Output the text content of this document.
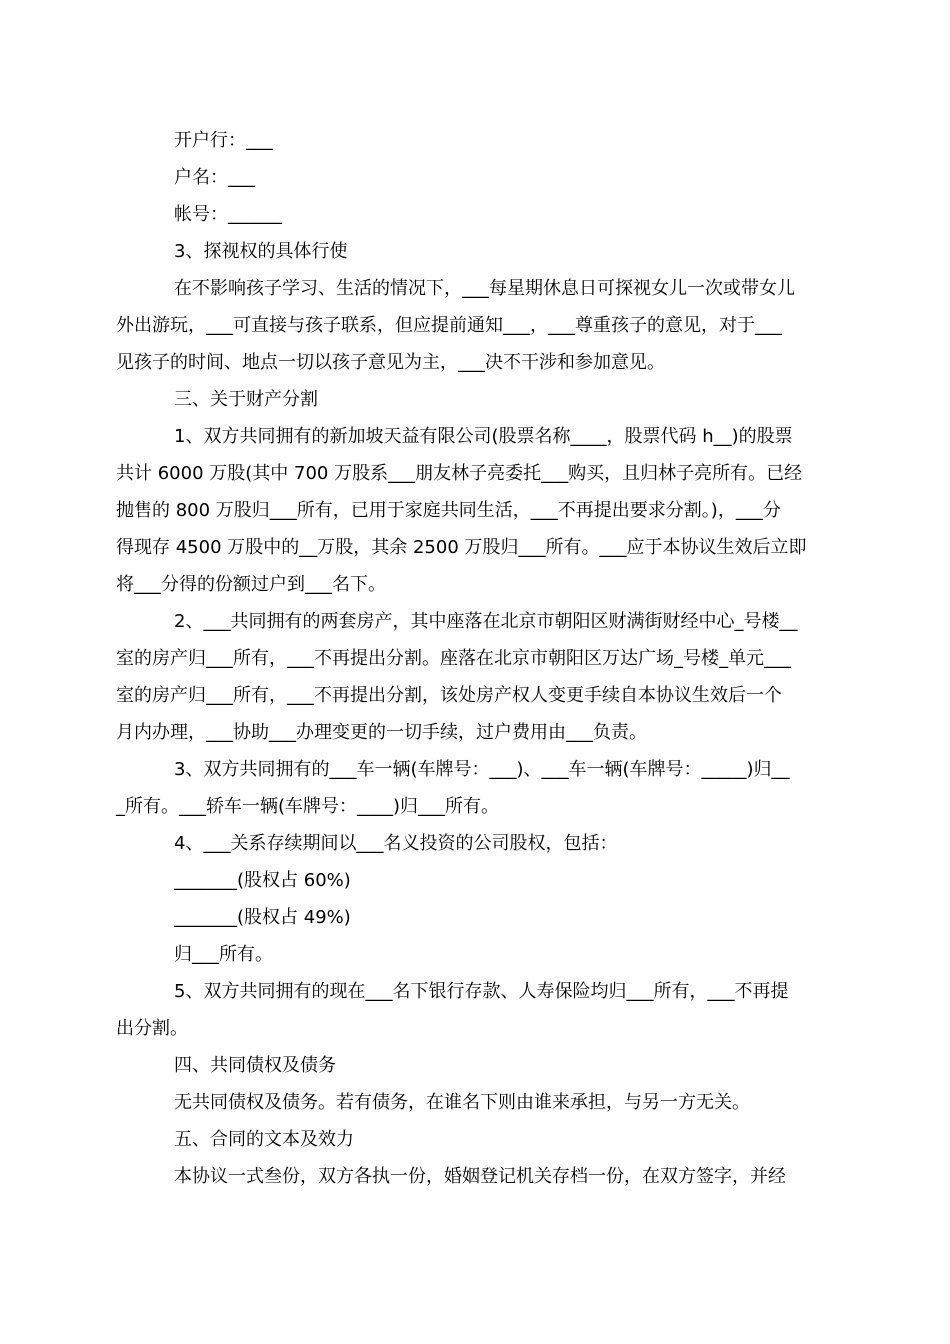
开户行：___
户名：___
帐号：______
3、探视权的具体行使
在不影响孩子学习、生活的情况下，___每星期休息日可探视女儿一次或带女儿
外出游玩，___可直接与孩子联系，但应提前通知___，___尊重孩子的意见，对于___
见孩子的时间、地点一切以孩子意见为主，___决不干涉和参加意见。
三、关于财产分割
1、双方共同拥有的新加坡天益有限公司(股票名称____，股票代码 h__)的股票
共计 6000 万股(其中 700 万股系___朋友林子亮委托___购买，且归林子亮所有。已经
抛售的 800 万股归___所有，已用于家庭共同生活，___不再提出要求分割。)，___分
得现存 4500 万股中的__万股，其余 2500 万股归___所有。___应于本协议生效后立即
将___分得的份额过户到___名下。
2、___共同拥有的两套房产，其中座落在北京市朝阳区财满街财经中心_号楼__
室的房产归___所有，___不再提出分割。座落在北京市朝阳区万达广场_号楼_单元___
室的房产归___所有，___不再提出分割，该处房产权人变更手续自本协议生效后一个
月内办理，___协助___办理变更的一切手续，过户费用由___负责。
3、双方共同拥有的___车一辆(车牌号：___)、___车一辆(车牌号：_____)归__
_所有。___轿车一辆(车牌号：____)归___所有。
4、___关系存续期间以___名义投资的公司股权，包括：
_______(股权占 60%)
_______(股权占 49%)
归___所有。
5、双方共同拥有的现在___名下银行存款、人寿保险均归___所有，___不再提
出分割。
四、共同债权及债务
无共同债权及债务。若有债务，在谁名下则由谁来承担，与另一方无关。
五、合同的文本及效力
本协议一式叁份，双方各执一份，婚姻登记机关存档一份，在双方签字，并经
